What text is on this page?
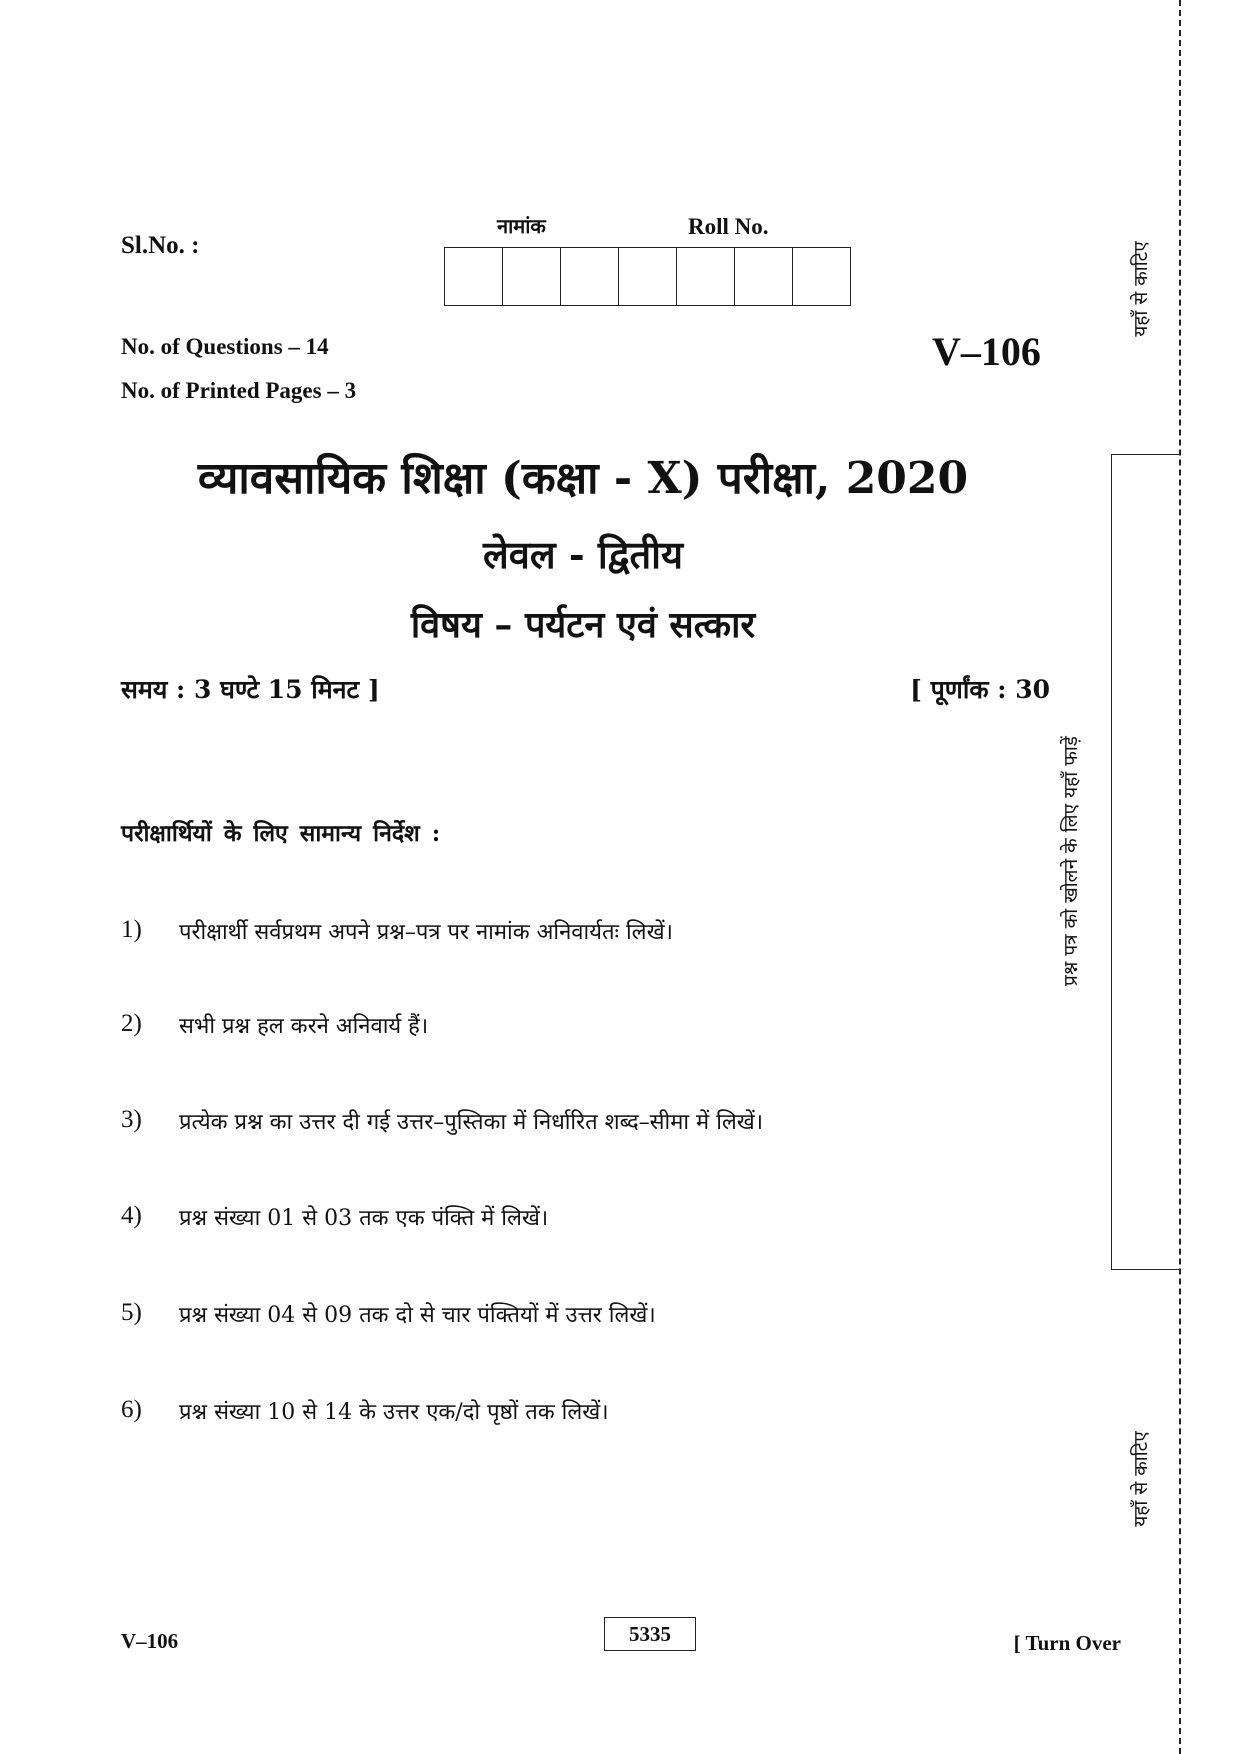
Sl.No. :
नामांक	Roll No.
No. of Questions – 14
No. of Printed Pages – 3
V–106
व्यावसायिक शिक्षा (कक्षा - X) परीक्षा, 2020
लेवल - द्वितीय
विषय – पर्यटन एवं सत्कार
समय : 3 घण्टे 15 मिनट ]	[ पूर्णांक : 30
परीक्षार्थियों के लिए सामान्य निर्देश :
1)	परीक्षार्थी सर्वप्रथम अपने प्रश्न–पत्र पर नामांक अनिवार्यतः लिखें।
2)	सभी प्रश्न हल करने अनिवार्य हैं।
3)	प्रत्येक प्रश्न का उत्तर दी गई उत्तर–पुस्तिका में निर्धारित शब्द–सीमा में लिखें।
4)	प्रश्न संख्या 01 से 03 तक एक पंक्ति में लिखें।
5)	प्रश्न संख्या 04 से 09 तक दो से चार पंक्तियों में उत्तर लिखें।
6)	प्रश्न संख्या 10 से 14 के उत्तर एक/दो पृष्ठों तक लिखें।
V–106	5335	[ Turn Over
यहाँ से काटिए
प्रश्न पत्र को खोलने के लिए यहाँ फाड़ें
यहाँ से काटिए
